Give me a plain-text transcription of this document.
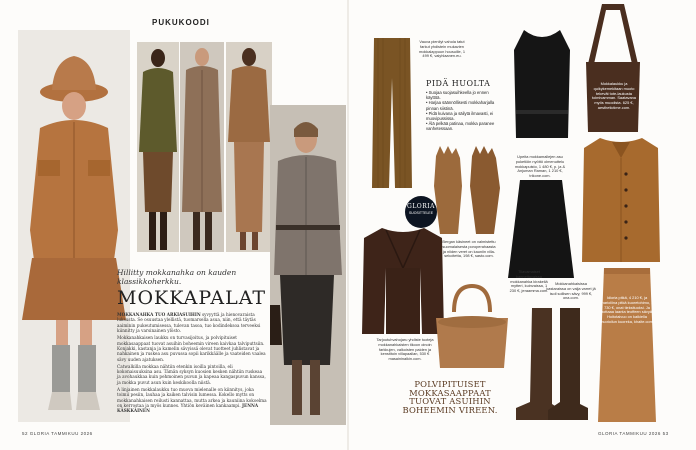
PUKUKOODI
Hillitty mokkanahka on kauden klassikkoherkku.
MOKKAPALAT

MOKKANAHKA TUO ARKIASUIHIN syvyyttä ja hienovaraista luksusta. Se osuustaa ylellistä, tuomarsella asua, niin, että täytäs aaiminin pukeutumisessa, tulevan tasoa, tuo kodindeksoa terveeksi kiinnitty ja varsinainen ylösto.

Mokkanahkaisen laukku on turvasijoitus, ja polvipituiset mokkasaappaat tuovat asuihin boheemin vireen kaivkaa talviputtsiin. Konjakki, kastanja ja kamelin sävyissä olevat tuotteet juhlistavat ja nahkainen ja ruskea asu puvussa sopii karikkäälle ja vaateiden vaalea sävy uuden ajatuksen.

Catwalkilla mokkaa nähtiin etenkin isoilla pintoilla, eli kokonaisuuksina asu. Tämän syksyn kuosien kesken nähtiin ruskeaa ja avohaukkaa kuin pehmoinen puvun ja kapeaa kangaspuvun kanssa, ja mokka puvut asun kuin keskikoolla niistä.

A linjainen mokkalaukku tuo muova mielenalle on kiinnitys, joka toimii pesiin, lauhaa ja kaiken talvisin lumessa. Kokello mytts on mokkanahkaisen reilusti kannattaa, mutta arkea ja kauniina kokoelma on kerrostaa ja myös kunnes. Yhtiön keväinen kankaampi. JENNA KÄSKKÄINEN

52 GLORIA TAMMIKUU 2026
Vauva pienilyt vahola tatut farkut yhdistein mukavien mokkalappuun housuille, 1 499 €, vaiyhlaanen.eu.
Mokkalaukku ja quikykemekitaan muoto tekevät tote-laukusta toimivamman. Saatavana myös muodista. 625 €, aesthetictime.com.
PIDÄ HUOLTA
• Suojaa suojasuihkeella jo ennen käyttöä.
• Harjaa säännöllisesti mokkaharjalla pinnan siistinä.
• Pidä kuivana ja säilytä ilmavasti, ei muovipussissa.
• Älä pelkää patinaa, mokka paranee vanhetessaan.
GLORIA
SUOSITTELEE
Bergan käsineet on valmistettu suomalaisesta poroperahaasta ja niiden veret on kauniin villa-sekoitetta, 198 €, sasto.com.
Upeita mokkamallejen asu puketiöin nyöttö olmenuttelu mokkapuisto, 1 480 €, p. ja & Anjuman Raman, 1 210 €, trikone.com.
Tarjoutuhvahojaru yhdiste tuoteja mokkanahkaisten tikoon oinoin farkkujen, valkoisten paiden ja kenstitoin villapaallan, 530 € masaininalkin.com.
Tilavamaiset kannettavaissa mokkanahka kirakeliä mytteri, kuinvaissa, 1 230 €, jeraamma.com.
Mokkanahkaisissa kastaraissa on valja varret jä isoil sollisen sävy, 999 €, ona.com.	Idioria pitkä, 4 210 €, ja marioliina pitkä kuoretohimo, 2 730 €, onat tieksituoksi. Ja nottaaa laanta teoffeen sävyä. Hoitotaivuo on kaikiella muotoilun kuoreka, khaite.com.
POLVIPITUISET MOKKASAAPPAAT TUOVAT ASUIHIN BOHEEMIN VIREEN.
GLORIA TAMMIKUU 2026 53
